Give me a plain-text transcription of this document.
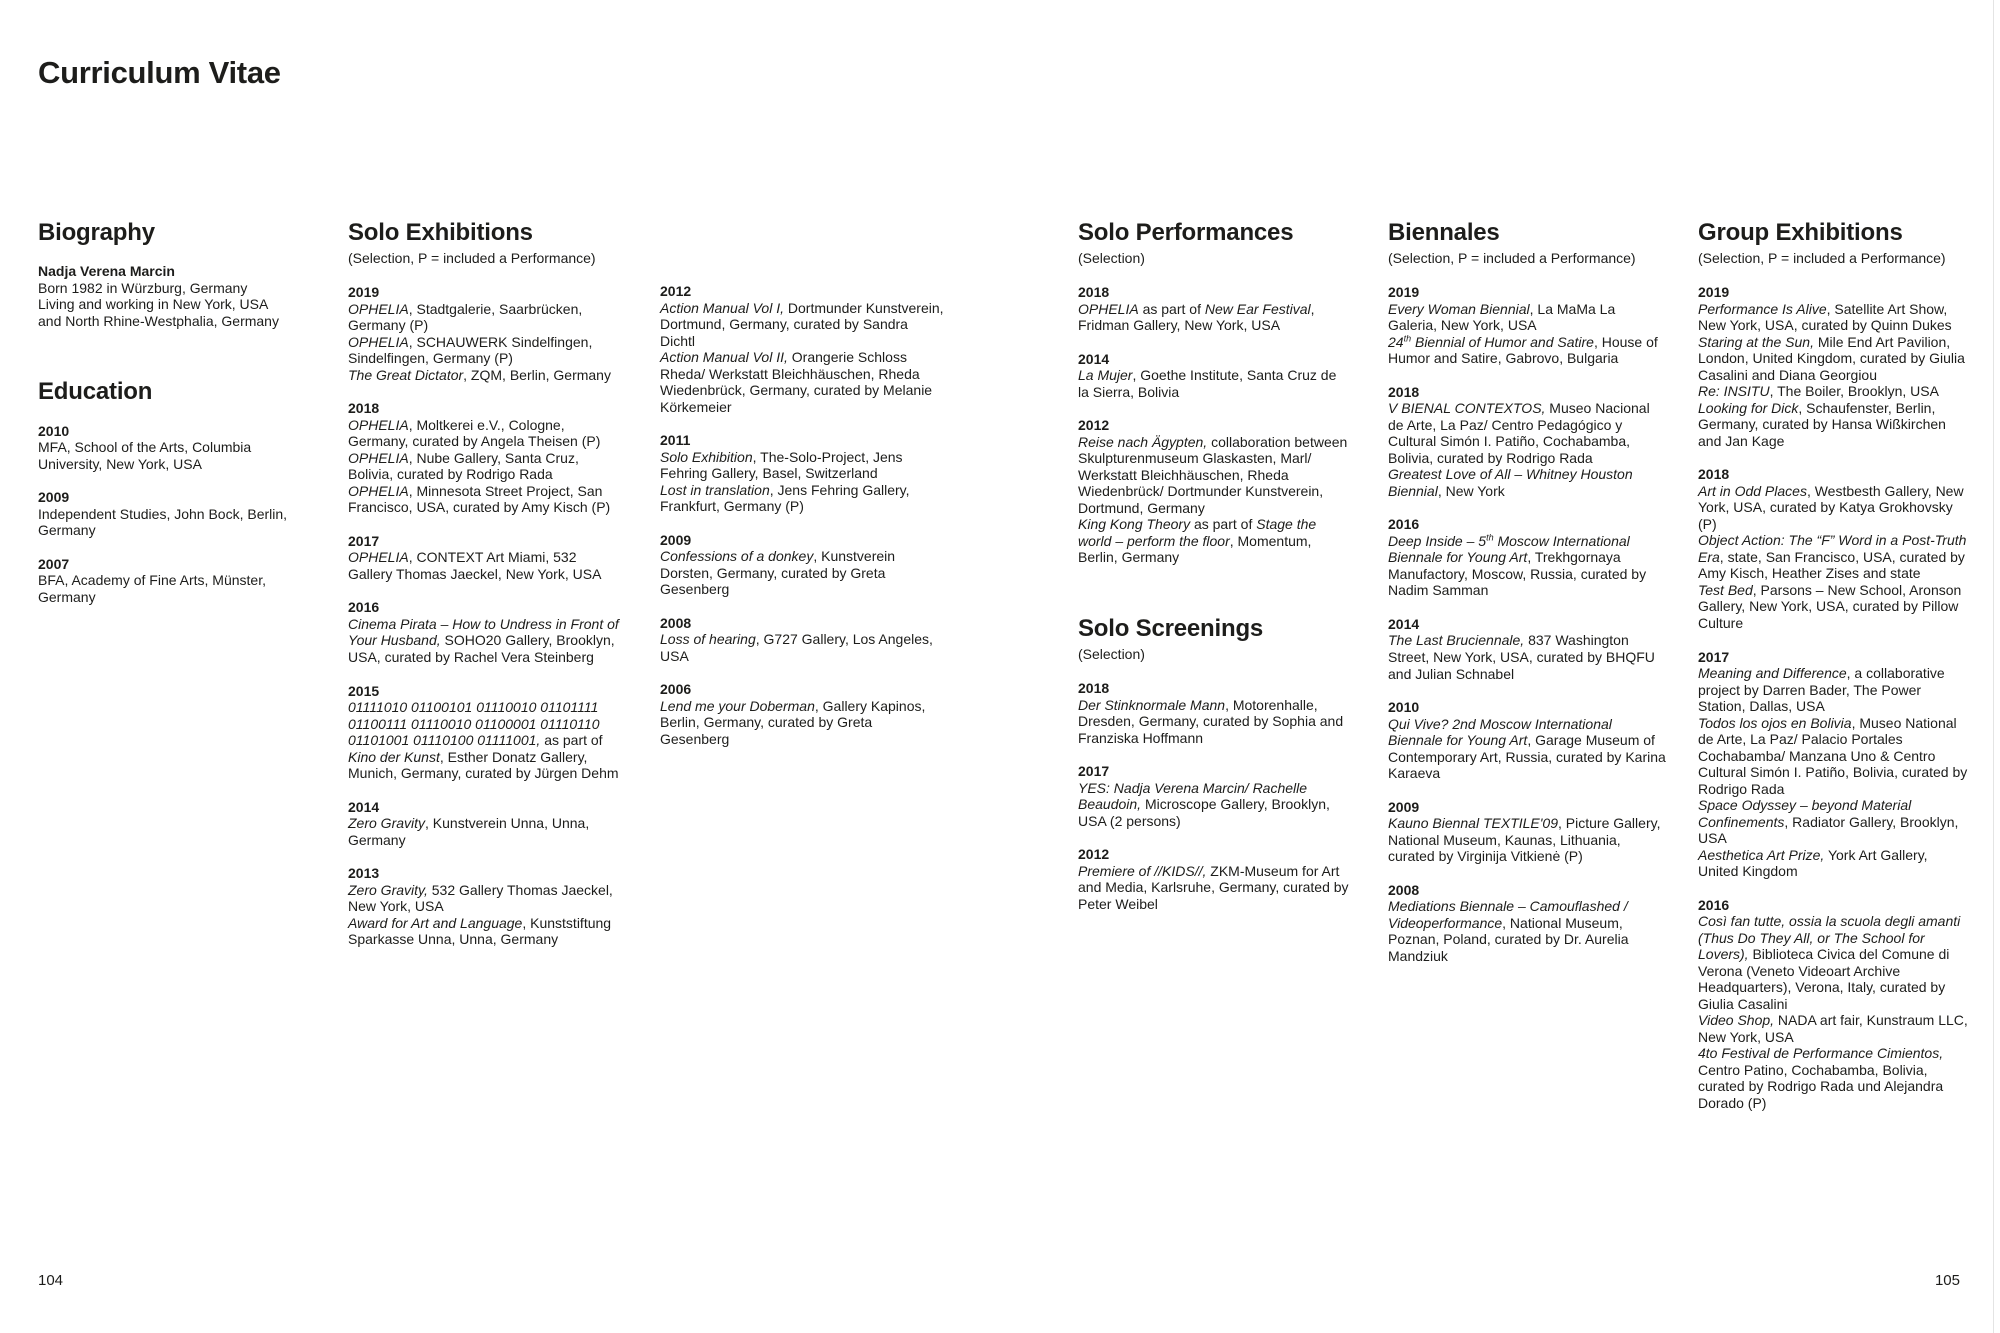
Curriculum Vitae
Biography

Nadja Verena Marcin

Born 1982 in Würzburg, Germany

Living and working in New York, USA

and North Rhine-Westphalia, Germany

Education
2010

MFA, School of the Arts, Columbia University, New York, USA

2009

Independent Studies, John Bock, Berlin, Germany

2007

BFA, Academy of Fine Arts, Münster, Germany

Solo Exhibitions

(Selection, P = included a Performance)

2019

OPHELIA, Stadtgalerie, Saarbrücken, Germany (P)

OPHELIA, SCHAUWERK Sindelfingen, Sindelfingen, Germany (P)

The Great Dictator, ZQM, Berlin, Germany

2018

OPHELIA, Moltkerei e.V., Cologne, Germany, curated by Angela Theisen (P)

OPHELIA, Nube Gallery, Santa Cruz, Bolivia, curated by Rodrigo Rada

OPHELIA, Minnesota Street Project, San Francisco, USA, curated by Amy Kisch (P)

2017

OPHELIA, CONTEXT Art Miami, 532 Gallery Thomas Jaeckel, New York, USA

2016

Cinema Pirata – How to Undress in Front of Your Husband, SOHO20 Gallery, Brooklyn, USA, curated by Rachel Vera Steinberg

2015

01111010 01100101 01110010 01101111 01100111 01110010 01100001 01110110 01101001 01110100 01111001, as part of Kino der Kunst, Esther Donatz Gallery, Munich, Germany, curated by Jürgen Dehm

2014

Zero Gravity, Kunstverein Unna, Unna, Germany

2013

Zero Gravity, 532 Gallery Thomas Jaeckel, New York, USA

Award for Art and Language, Kunststiftung Sparkasse Unna, Unna, Germany

2012

Action Manual Vol I, Dortmunder Kunstverein, Dortmund, Germany, curated by Sandra Dichtl

Action Manual Vol II, Orangerie Schloss Rheda/ Werkstatt Bleichhäuschen, Rheda Wiedenbrück, Germany, curated by Melanie Körkemeier

2011

Solo Exhibition, The-Solo-Project, Jens Fehring Gallery, Basel, Switzerland

Lost in translation, Jens Fehring Gallery, Frankfurt, Germany (P)

2009

Confessions of a donkey, Kunstverein Dorsten, Germany, curated by Greta Gesenberg

2008

Loss of hearing, G727 Gallery, Los Angeles, USA

2006

Lend me your Doberman, Gallery Kapinos, Berlin, Germany, curated by Greta Gesenberg

Solo Performances

(Selection)

2018

OPHELIA as part of New Ear Festival, Fridman Gallery, New York, USA

2014

La Mujer, Goethe Institute, Santa Cruz de la Sierra, Bolivia

2012

Reise nach Ägypten, collaboration between Skulpturenmuseum Glaskasten, Marl/ Werkstatt Bleichhäuschen, Rheda Wiedenbrück/ Dortmunder Kunstverein, Dortmund, Germany

King Kong Theory as part of Stage the world – perform the floor, Momentum, Berlin, Germany

Solo Screenings

(Selection)

2018

Der Stinknormale Mann, Motorenhalle, Dresden, Germany, curated by Sophia and Franziska Hoffmann

2017

YES: Nadja Verena Marcin/ Rachelle Beaudoin, Microscope Gallery, Brooklyn, USA (2 persons)

2012

Premiere of //KIDS//, ZKM-Museum for Art and Media, Karlsruhe, Germany, curated by Peter Weibel

Biennales

(Selection, P = included a Performance)

2019

Every Woman Biennial, La MaMa La Galeria, New York, USA

24th Biennial of Humor and Satire, House of Humor and Satire, Gabrovo, Bulgaria

2018

V BIENAL CONTEXTOS, Museo Nacional de Arte, La Paz/ Centro Pedagógico y Cultural Simón I. Patiño, Cochabamba, Bolivia, curated by Rodrigo Rada

Greatest Love of All – Whitney Houston Biennial, New York

2016

Deep Inside – 5th Moscow International Biennale for Young Art, Trekhgornaya Manufactory, Moscow, Russia, curated by Nadim Samman

2014

The Last Bruciennale, 837 Washington Street, New York, USA, curated by BHQFU and Julian Schnabel

2010

Qui Vive? 2nd Moscow International Biennale for Young Art, Garage Museum of Contemporary Art, Russia, curated by Karina Karaeva

2009

Kauno Biennal TEXTILE'09, Picture Gallery, National Museum, Kaunas, Lithuania, curated by Virginija Vitkienė (P)

2008

Mediations Biennale – Camouflashed / Videoperformance, National Museum, Poznan, Poland, curated by Dr. Aurelia Mandziuk

Group Exhibitions

(Selection, P = included a Performance)

2019

Performance Is Alive, Satellite Art Show, New York, USA, curated by Quinn Dukes

Staring at the Sun, Mile End Art Pavilion, London, United Kingdom, curated by Giulia Casalini and Diana Georgiou

Re: INSITU, The Boiler, Brooklyn, USA

Looking for Dick, Schaufenster, Berlin, Germany, curated by Hansa Wißkirchen and Jan Kage

2018

Art in Odd Places, Westbesth Gallery, New York, USA, curated by Katya Grokhovsky (P)

Object Action: The “F” Word in a Post-Truth Era, state, San Francisco, USA, curated by Amy Kisch, Heather Zises and state

Test Bed, Parsons – New School, Aronson Gallery, New York, USA, curated by Pillow Culture

2017

Meaning and Difference, a collaborative project by Darren Bader, The Power Station, Dallas, USA

Todos los ojos en Bolivia, Museo National de Arte, La Paz/ Palacio Portales Cochabamba/ Manzana Uno & Centro Cultural Simón I. Patiño, Bolivia, curated by Rodrigo Rada

Space Odyssey – beyond Material Confinements, Radiator Gallery, Brooklyn, USA

Aesthetica Art Prize, York Art Gallery, United Kingdom

2016

Così fan tutte, ossia la scuola degli amanti (Thus Do They All, or The School for Lovers), Biblioteca Civica del Comune di Verona (Veneto Videoart Archive Headquarters), Verona, Italy, curated by Giulia Casalini

Video Shop, NADA art fair, Kunstraum LLC, New York, USA

4to Festival de Performance Cimientos, Centro Patino, Cochabamba, Bolivia, curated by Rodrigo Rada und Alejandra Dorado (P)

104	105
